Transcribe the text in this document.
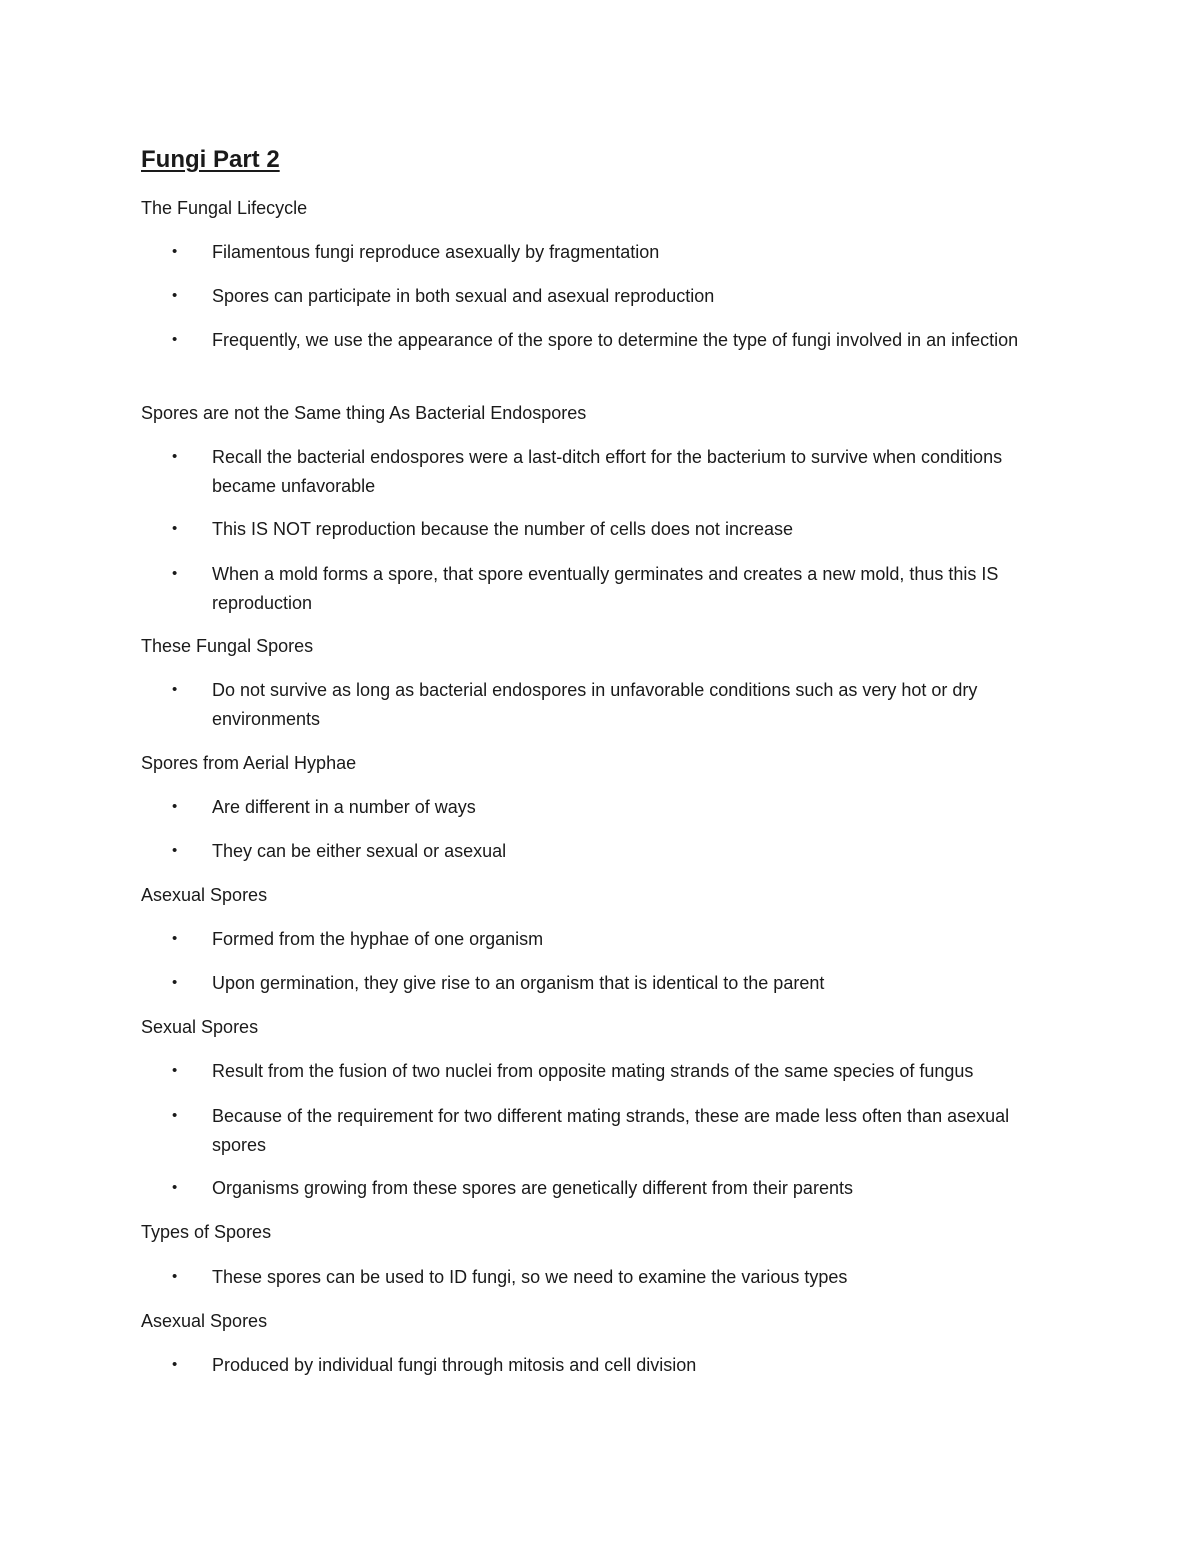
Fungi Part 2

The Fungal Lifecycle

• Filamentous fungi reproduce asexually by fragmentation
• Spores can participate in both sexual and asexual reproduction
• Frequently, we use the appearance of the spore to determine the type of fungi involved in an infection

Spores are not the Same thing As Bacterial Endospores

• Recall the bacterial endospores were a last-ditch effort for the bacterium to survive when conditions became unfavorable
• This IS NOT reproduction because the number of cells does not increase
• When a mold forms a spore, that spore eventually germinates and creates a new mold, thus this IS reproduction

These Fungal Spores

• Do not survive as long as bacterial endospores in unfavorable conditions such as very hot or dry environments

Spores from Aerial Hyphae

• Are different in a number of ways
• They can be either sexual or asexual

Asexual Spores

• Formed from the hyphae of one organism
• Upon germination, they give rise to an organism that is identical to the parent

Sexual Spores

• Result from the fusion of two nuclei from opposite mating strands of the same species of fungus
• Because of the requirement for two different mating strands, these are made less often than asexual spores
• Organisms growing from these spores are genetically different from their parents

Types of Spores

• These spores can be used to ID fungi, so we need to examine the various types

Asexual Spores

• Produced by individual fungi through mitosis and cell division
